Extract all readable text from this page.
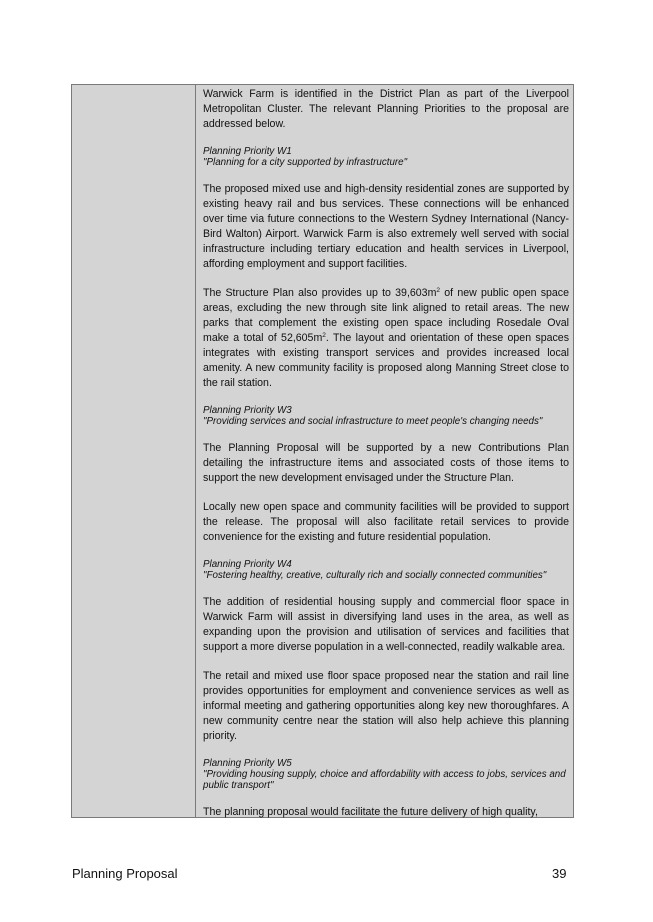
Warwick Farm is identified in the District Plan as part of the Liverpool Metropolitan Cluster. The relevant Planning Priorities to the proposal are addressed below.

Planning Priority W1
"Planning for a city supported by infrastructure"

The proposed mixed use and high-density residential zones are supported by existing heavy rail and bus services. These connections will be enhanced over time via future connections to the Western Sydney International (Nancy-Bird Walton) Airport. Warwick Farm is also extremely well served with social infrastructure including tertiary education and health services in Liverpool, affording employment and support facilities.

The Structure Plan also provides up to $39,603m^2$ of new public open space areas, excluding the new through site link aligned to retail areas. The new parks that complement the existing open space including Rosedale Oval make a total of $52,605m^2$. The layout and orientation of these open spaces integrates with existing transport services and provides increased local amenity. A new community facility is proposed along Manning Street close to the rail station.

Planning Priority W3
"Providing services and social infrastructure to meet people's changing needs"

The Planning Proposal will be supported by a new Contributions Plan detailing the infrastructure items and associated costs of those items to support the new development envisaged under the Structure Plan.

Locally new open space and community facilities will be provided to support the release. The proposal will also facilitate retail services to provide convenience for the existing and future residential population.

Planning Priority W4
"Fostering healthy, creative, culturally rich and socially connected communities"

The addition of residential housing supply and commercial floor space in Warwick Farm will assist in diversifying land uses in the area, as well as expanding upon the provision and utilisation of services and facilities that support a more diverse population in a well-connected, readily walkable area.

The retail and mixed use floor space proposed near the station and rail line provides opportunities for employment and convenience services as well as informal meeting and gathering opportunities along key new thoroughfares. A new community centre near the station will also help achieve this planning priority.

Planning Priority W5
"Providing housing supply, choice and affordability with access to jobs, services and public transport"

The planning proposal would facilitate the future delivery of high quality,

Planning Proposal	39
